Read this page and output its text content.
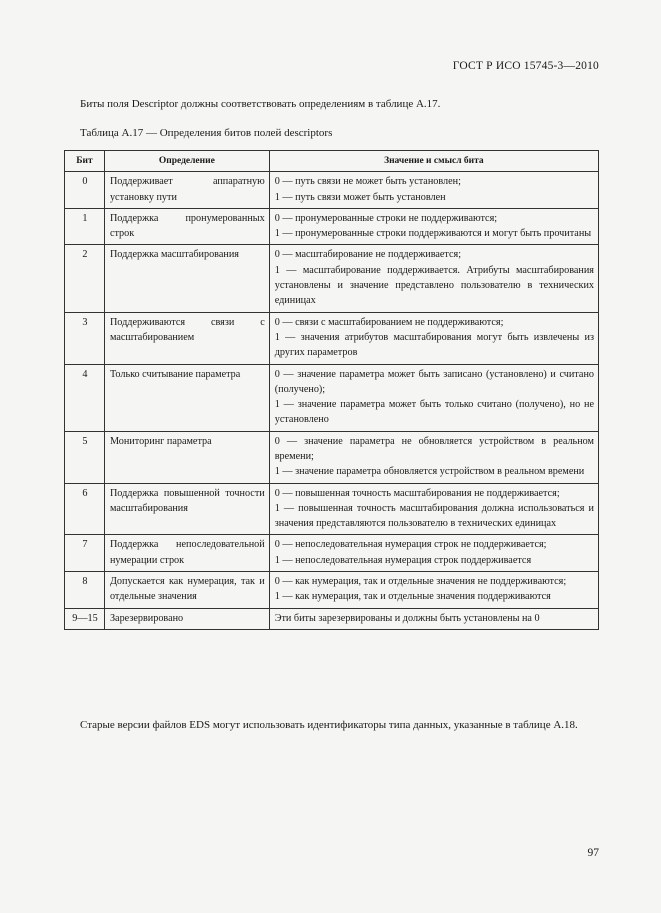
ГОСТ Р ИСО 15745-3—2010
Биты поля Descriptor должны соответствовать определениям в таблице А.17.
Таблица А.17 — Определения битов полей descriptors
Бит	Определение	Значение и смысл бита
0	Поддерживает аппаратную установку пути	0 — путь связи не может быть установлен;
1 — путь связи может быть установлен

1	Поддержка пронумерованных строк	0 — пронумерованные строки не поддерживаются;
1 — пронумерованные строки поддерживаются и могут быть прочитаны

2	Поддержка масштабирования	0 — масштабирование не поддерживается;
1 — масштабирование поддерживается. Атрибуты масштабирования установлены и значение представлено пользователю в технических единицах

3	Поддерживаются связи с масштабированием	0 — связи с масштабированием не поддерживаются;
1 — значения атрибутов масштабирования могут быть извлечены из других параметров

4	Только считывание параметра	0 — значение параметра может быть записано (установлено) и считано (получено);
1 — значение параметра может быть только считано (получено), но не установлено

5	Мониторинг параметра	0 — значение параметра не обновляется устройством в реальном времени;
1 — значение параметра обновляется устройством в реальном времени

6	Поддержка повышенной точности масштабирования	0 — повышенная точность масштабирования не поддерживается;
1 — повышенная точность масштабирования должна использоваться и значения представляются пользователю в технических единицах

7	Поддержка непоследовательной нумерации строк	0 — непоследовательная нумерация строк не поддерживается;
1 — непоследовательная нумерация строк поддерживается

8	Допускается как нумерация, так и отдельные значения	0 — как нумерация, так и отдельные значения не поддерживаются;
1 — как нумерация, так и отдельные значения поддерживаются

9—15	Зарезервировано	Эти биты зарезервированы и должны быть установлены на 0
Старые версии файлов EDS могут использовать идентификаторы типа данных, указанные в таблице А.18.
97
